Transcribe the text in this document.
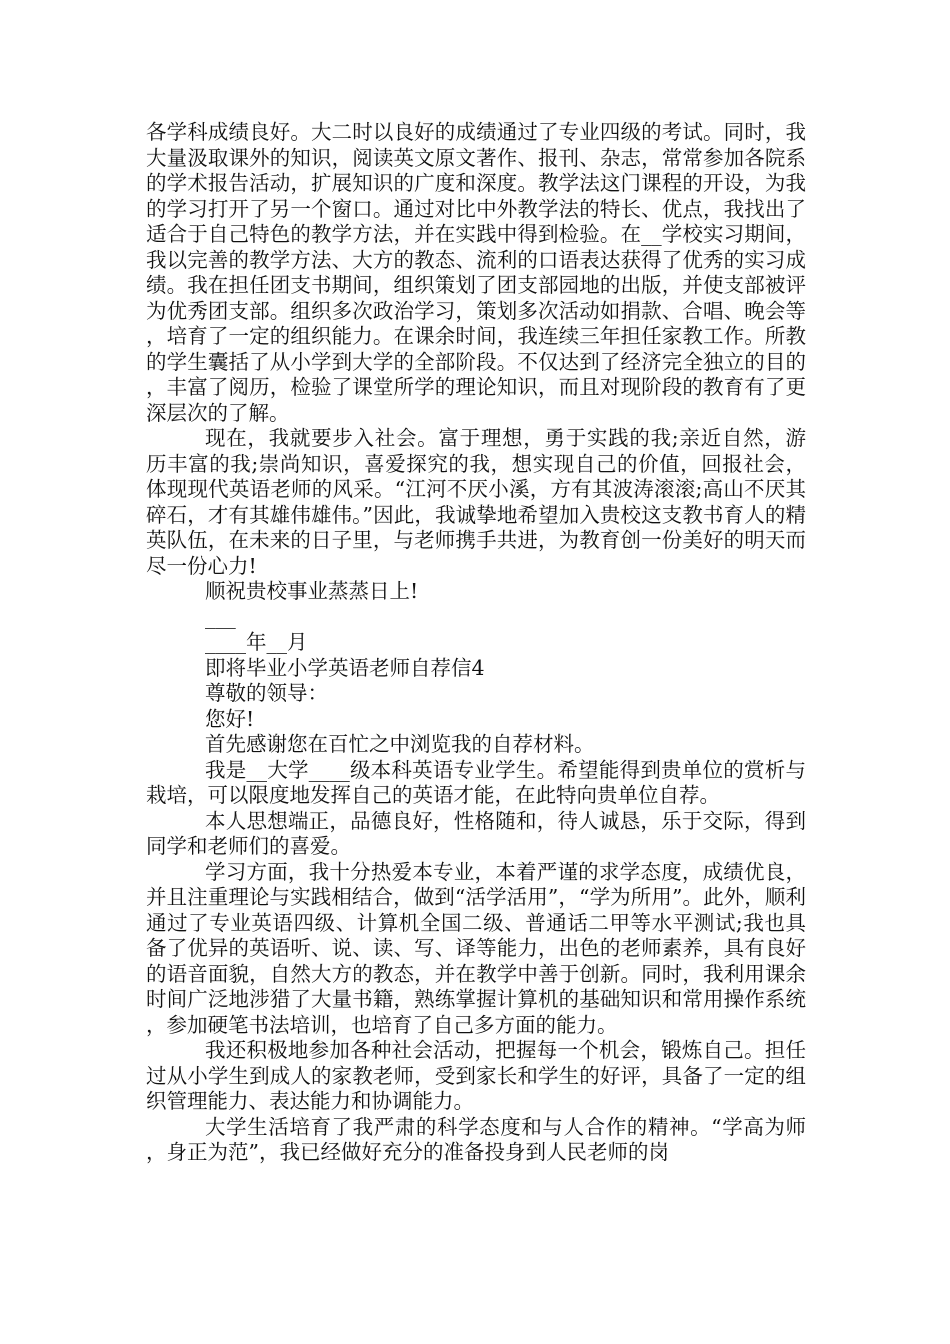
各学科成绩良好。大二时以良好的成绩通过了专业四级的考试。同时，我大量汲取课外的知识，阅读英文原文著作、报刊、杂志，常常参加各院系的学术报告活动，扩展知识的广度和深度。教学法这门课程的开设，为我的学习打开了另一个窗口。通过对比中外教学法的特长、优点，我找出了适合于自己特色的教学方法，并在实践中得到检验。在__学校实习期间，我以完善的教学方法、大方的教态、流利的口语表达获得了优秀的实习成绩。我在担任团支书期间，组织策划了团支部园地的出版，并使支部被评为优秀团支部。组织多次政治学习，策划多次活动如捐款、合唱、晚会等，培育了一定的组织能力。在课余时间，我连续三年担任家教工作。所教的学生囊括了从小学到大学的全部阶段。不仅达到了经济完全独立的目的，丰富了阅历，检验了课堂所学的理论知识，而且对现阶段的教育有了更深层次的了解。

现在，我就要步入社会。富于理想，勇于实践的我;亲近自然，游历丰富的我;崇尚知识，喜爱探究的我，想实现自己的价值，回报社会，体现现代英语老师的风采。“江河不厌小溪，方有其波涛滚滚;高山不厌其碎石，才有其雄伟雄伟。”因此，我诚挚地希望加入贵校这支教书育人的精英队伍，在未来的日子里，与老师携手共进，为教育创一份美好的明天而尽一份心力!

顺祝贵校事业蒸蒸日上!

___

____年__月

即将毕业小学英语老师自荐信4

尊敬的领导：

您好!

首先感谢您在百忙之中浏览我的自荐材料。

我是__大学____级本科英语专业学生。希望能得到贵单位的赏析与栽培，可以限度地发挥自己的英语才能，在此特向贵单位自荐。

本人思想端正，品德良好，性格随和，待人诚恳，乐于交际，得到同学和老师们的喜爱。

学习方面，我十分热爱本专业，本着严谨的求学态度，成绩优良，并且注重理论与实践相结合，做到“活学活用”，“学为所用”。此外，顺利通过了专业英语四级、计算机全国二级、普通话二甲等水平测试;我也具备了优异的英语听、说、读、写、译等能力，出色的老师素养，具有良好的语音面貌，自然大方的教态，并在教学中善于创新。同时，我利用课余时间广泛地涉猎了大量书籍，熟练掌握计算机的基础知识和常用操作系统，参加硬笔书法培训，也培育了自己多方面的能力。

我还积极地参加各种社会活动，把握每一个机会，锻炼自己。担任过从小学生到成人的家教老师，受到家长和学生的好评，具备了一定的组织管理能力、表达能力和协调能力。

大学生活培育了我严肃的科学态度和与人合作的精神。“学高为师，身正为范”，我已经做好充分的准备投身到人民老师的岗
